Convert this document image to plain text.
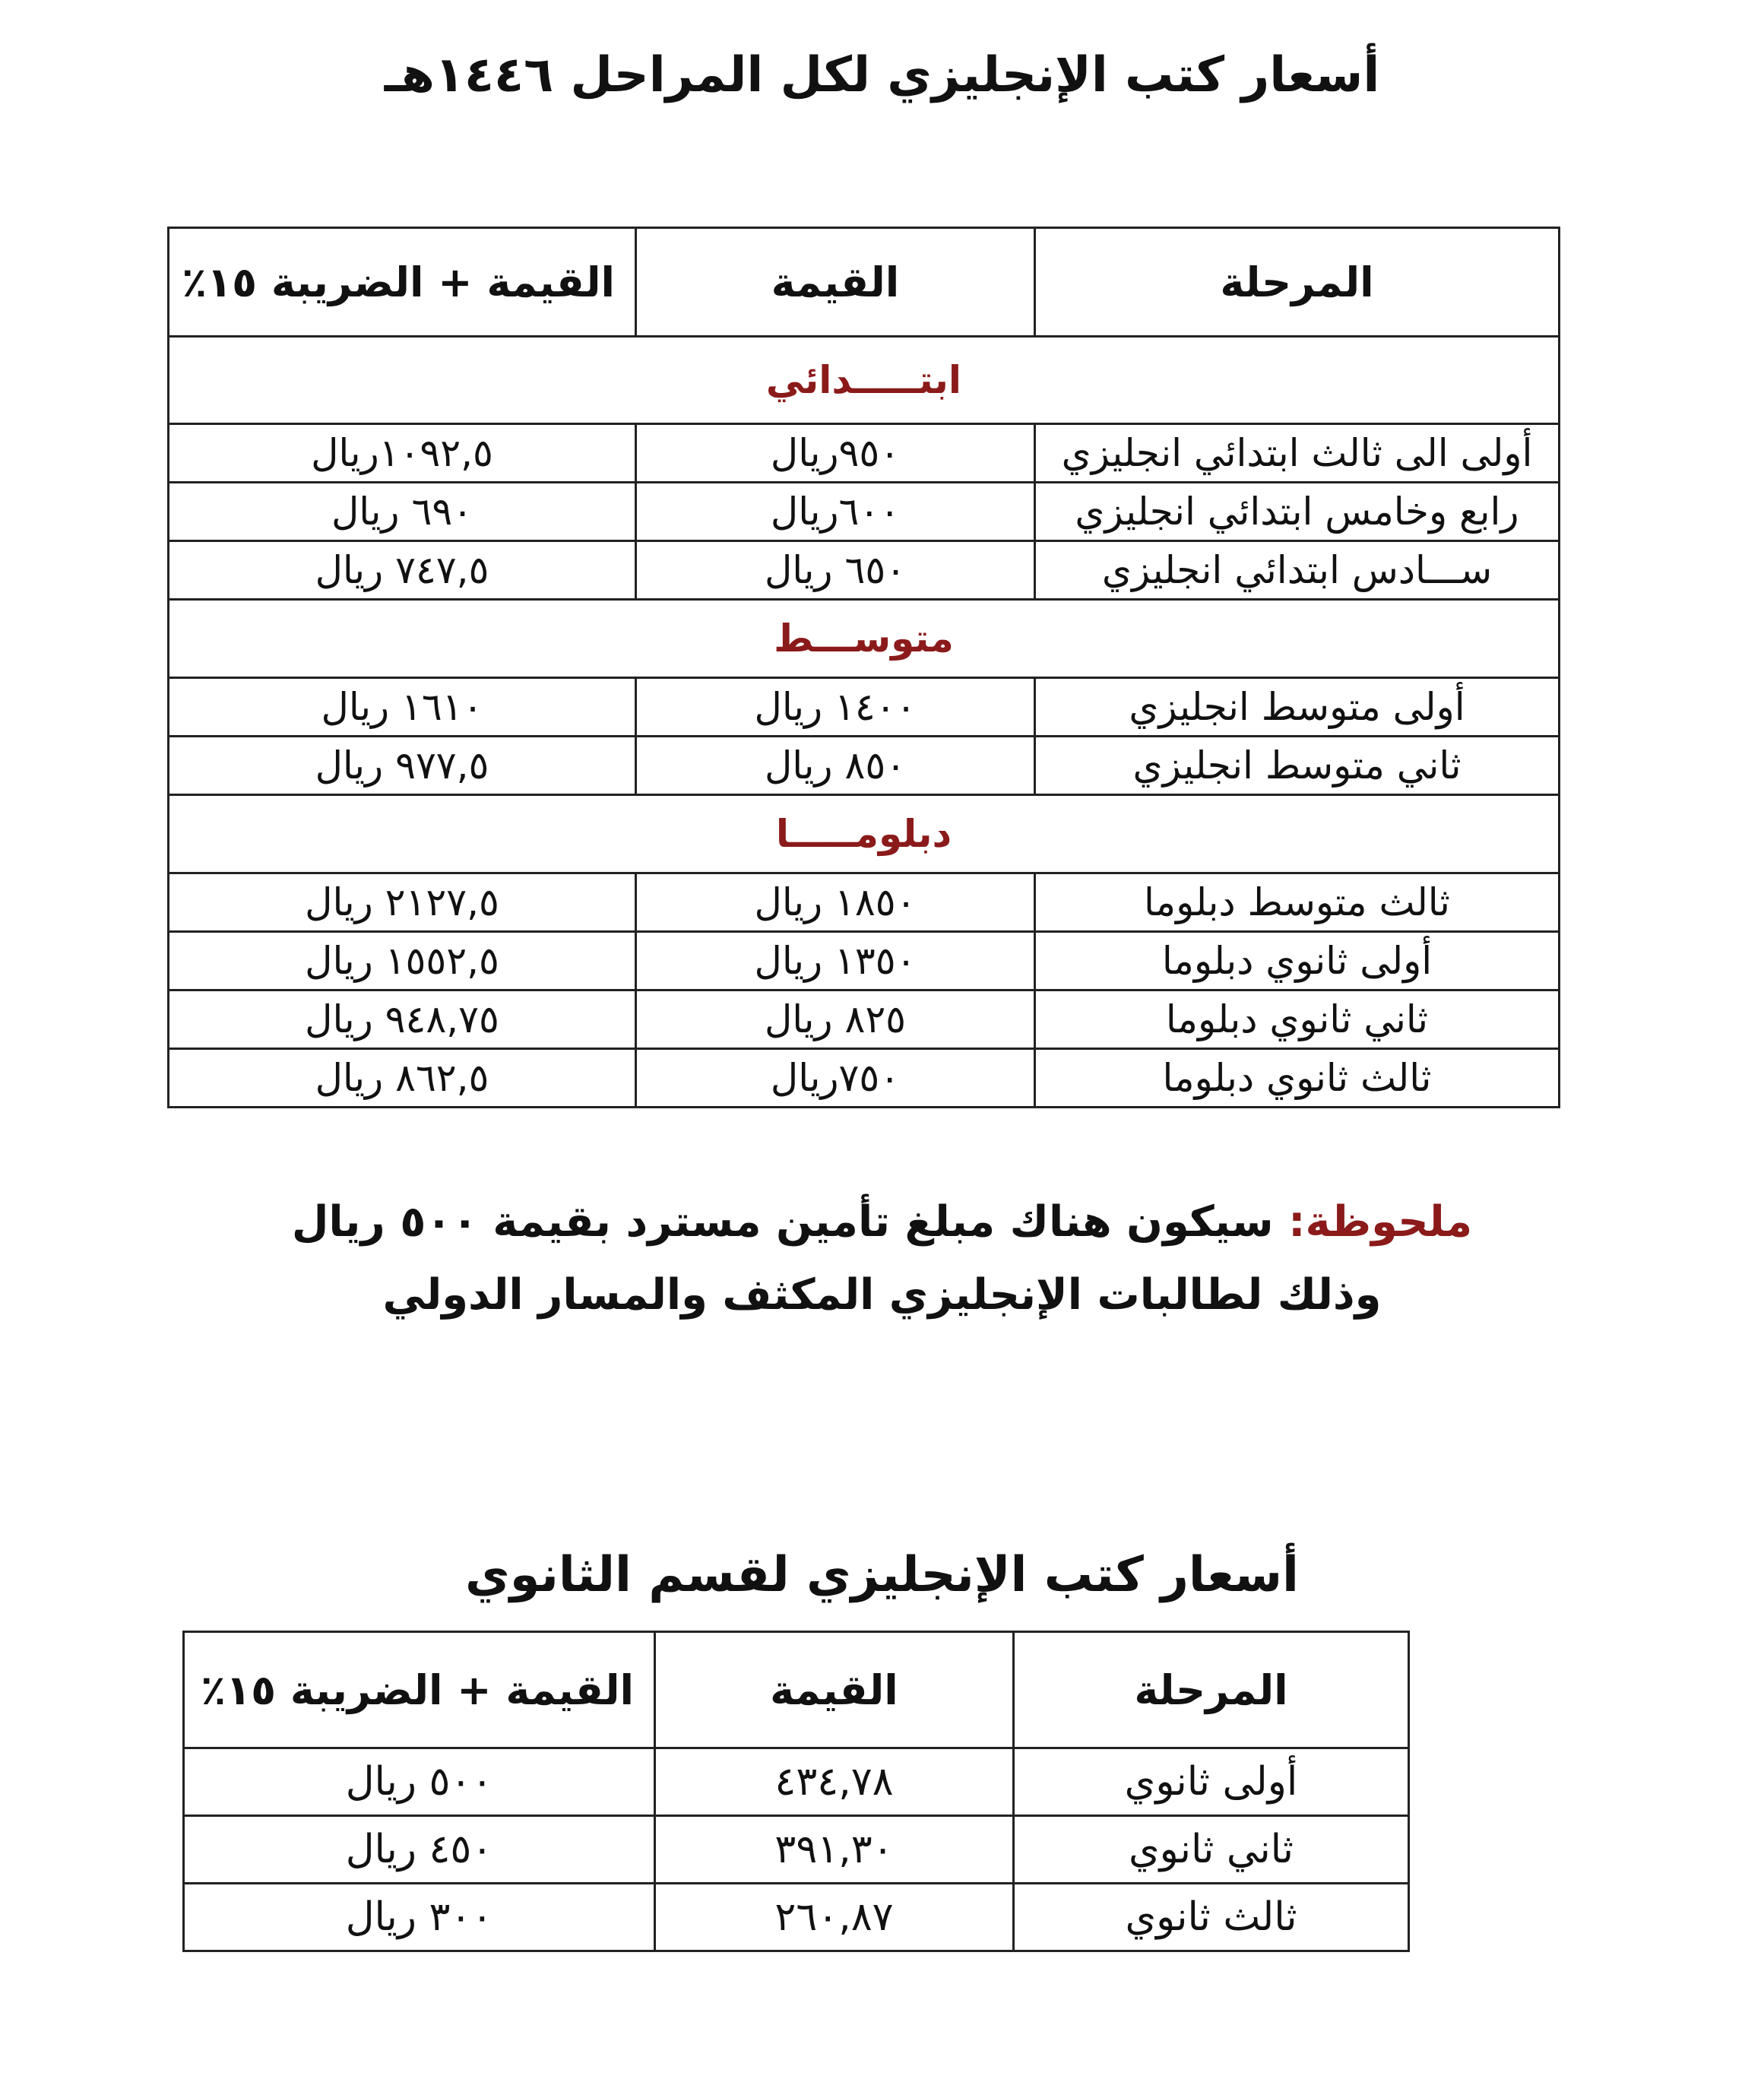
أسعار كتب الإنجليزي لكل المراحل ١٤٤٦هـ
المرحلة	القيمة	القيمة + الضريبة ١٥٪
ابتـــــدائي		
أولى الى ثالث ابتدائي انجليزي	٩٥٠ريال	١٠٩٢,٥ريال
رابع وخامس ابتدائي انجليزي	٦٠٠ريال	٦٩٠ ريال
ســـادس ابتدائي انجليزي	٦٥٠ ريال	٧٤٧,٥ ريال
متوســـط		
أولى متوسط انجليزي	١٤٠٠ ريال	١٦١٠ ريال
ثاني متوسط انجليزي	٨٥٠ ريال	٩٧٧,٥ ريال
دبلومـــــا		
ثالث متوسط دبلوما	١٨٥٠ ريال	٢١٢٧,٥ ريال
أولى ثانوي دبلوما	١٣٥٠ ريال	١٥٥٢,٥ ريال
ثاني ثانوي دبلوما	٨٢٥ ريال	٩٤٨,٧٥ ريال
ثالث ثانوي دبلوما	٧٥٠ريال	٨٦٢,٥ ريال
ملحوظة: سيكون هناك مبلغ تأمين مسترد بقيمة ٥٠٠ ريال
وذلك لطالبات الإنجليزي المكثف والمسار الدولي
أسعار كتب الإنجليزي لقسم الثانوي
المرحلة	القيمة	القيمة + الضريبة ١٥٪
أولى ثانوي	٤٣٤,٧٨	٥٠٠ ريال
ثاني ثانوي	٣٩١,٣٠	٤٥٠ ريال
ثالث ثانوي	٢٦٠,٨٧	٣٠٠ ريال
